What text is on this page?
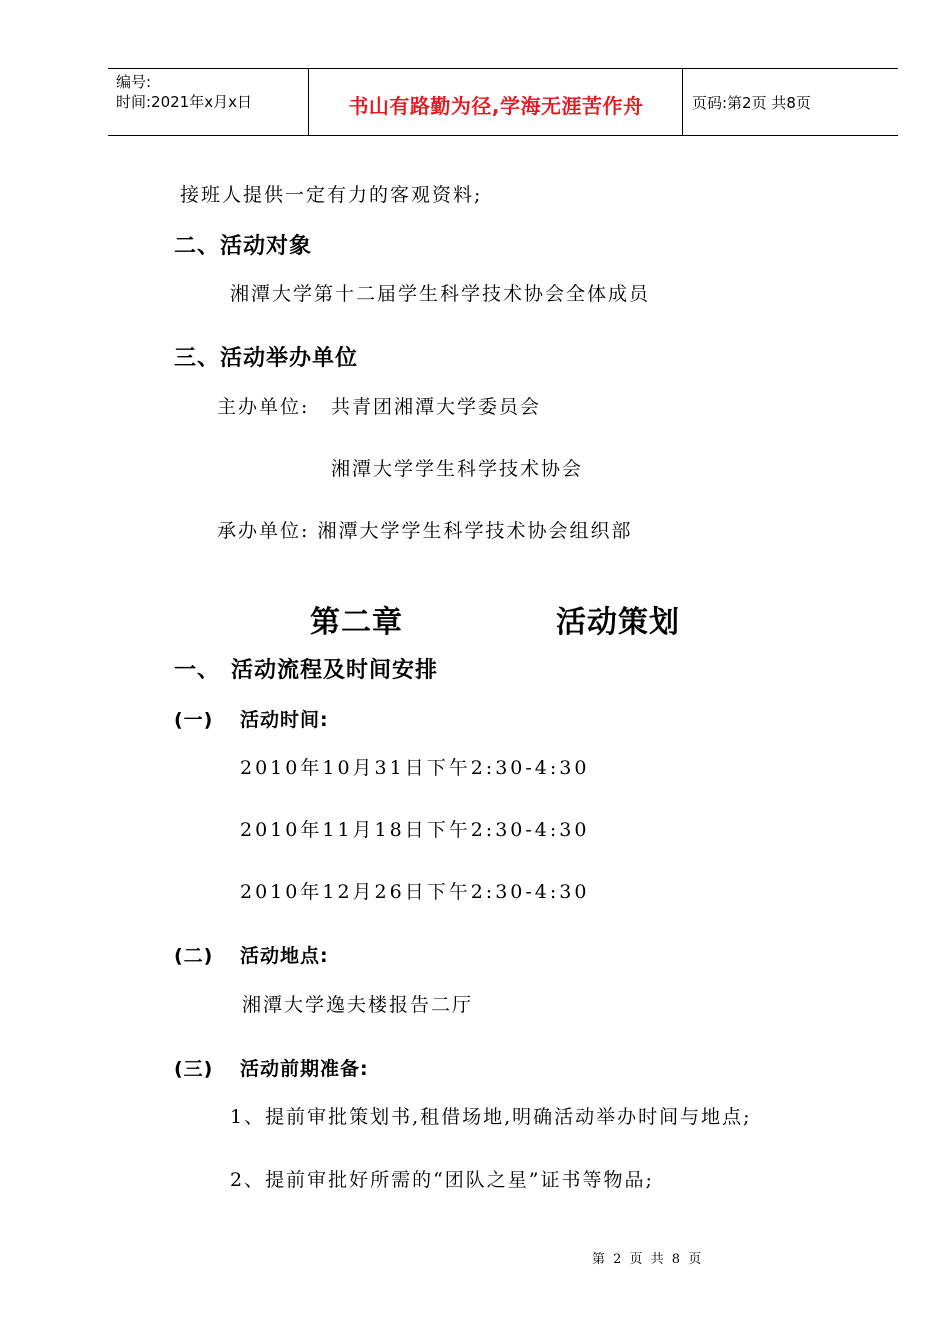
编号:
时间:2021年x月x日	书山有路勤为径,学海无涯苦作舟	页码:第2页 共8页
接班人提供一定有力的客观资料;
二、活动对象
湘潭大学第十二届学生科学技术协会全体成员
三、活动举办单位
主办单位: 共青团湘潭大学委员会
湘潭大学学生科学技术协会
承办单位: 湘潭大学学生科学技术协会组织部
第二章	活动策划
一、 活动流程及时间安排
(一) 活动时间:
2010年10月31日下午2:30-4:30
2010年11月18日下午2:30-4:30
2010年12月26日下午2:30-4:30
(二) 活动地点:
湘潭大学逸夫楼报告二厅
(三) 活动前期准备:
1、提前审批策划书,租借场地,明确活动举办时间与地点;
2、提前审批好所需的“团队之星”证书等物品;
第 2 页 共 8 页
